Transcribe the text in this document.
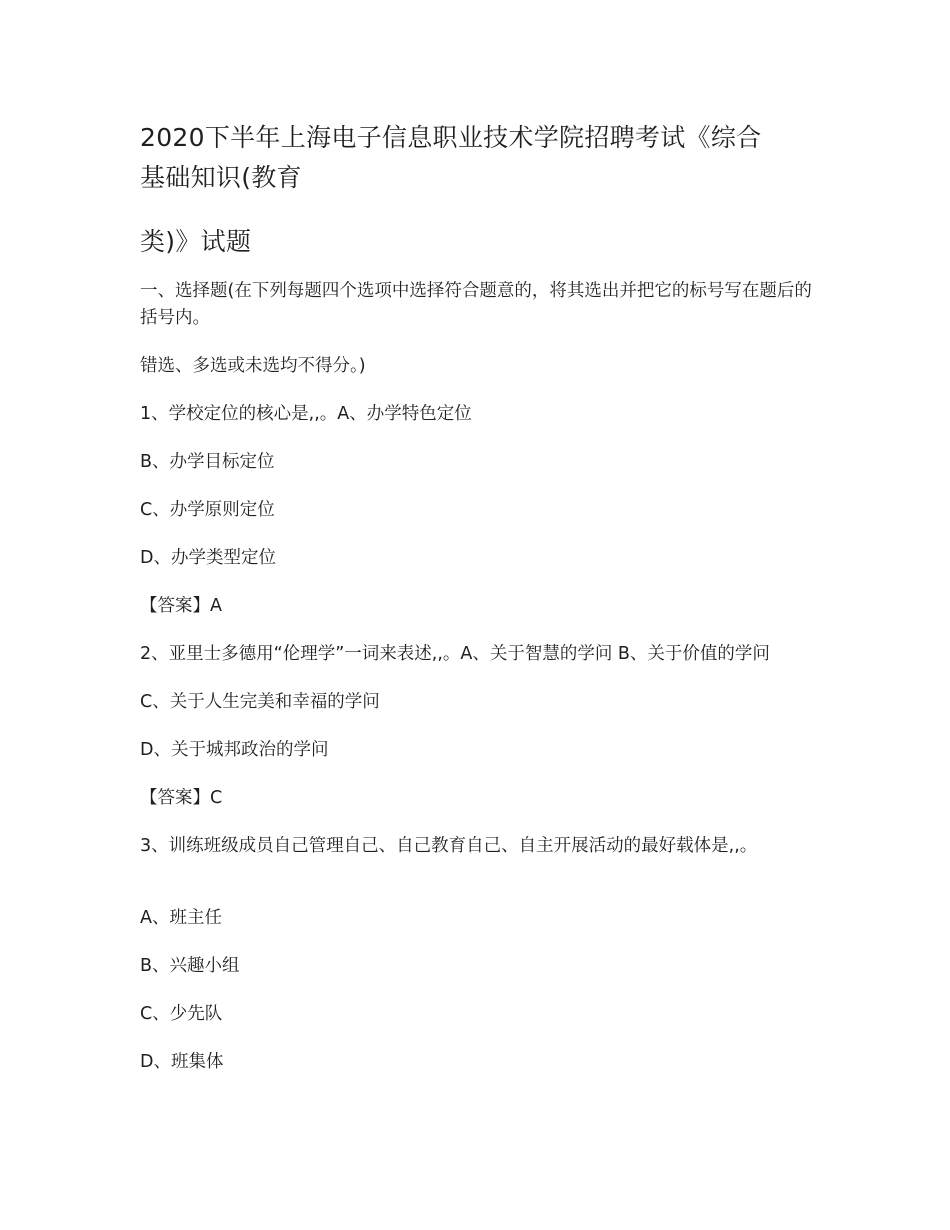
2020下半年上海电子信息职业技术学院招聘考试《综合
基础知识(教育
类)》试题

一、选择题(在下列每题四个选项中选择符合题意的，将其选出并把它的标号写在题后的括号内。

错选、多选或未选均不得分。)

1、学校定位的核心是,,。A、办学特色定位

B、办学目标定位

C、办学原则定位

D、办学类型定位

【答案】A

2、亚里士多德用“伦理学”一词来表述,,。A、关于智慧的学问 B、关于价值的学问

C、关于人生完美和幸福的学问

D、关于城邦政治的学问

【答案】C

3、训练班级成员自己管理自己、自己教育自己、自主开展活动的最好载体是,,。

A、班主任

B、兴趣小组

C、少先队

D、班集体
